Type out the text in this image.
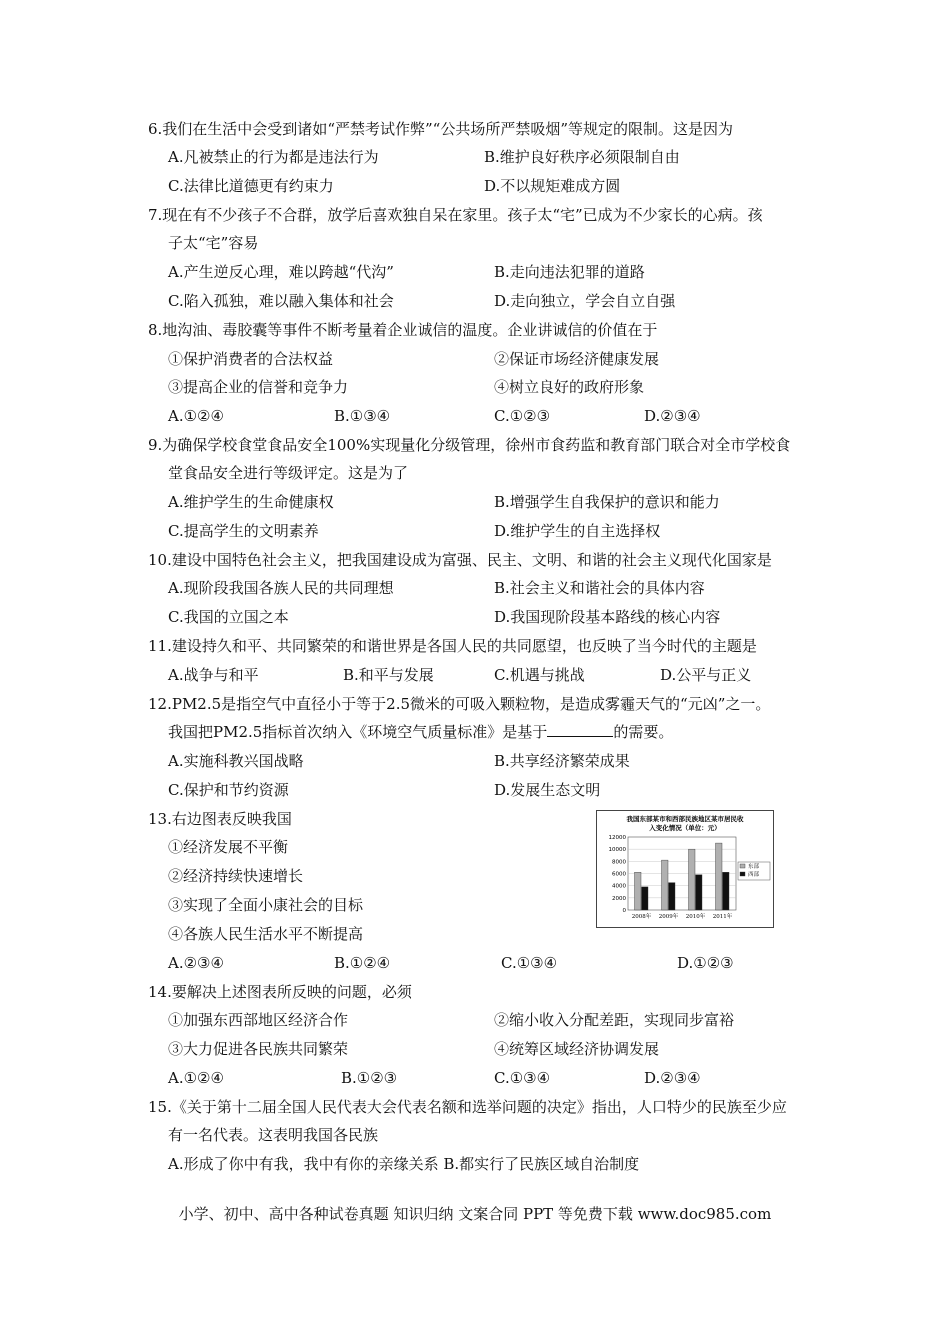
6.我们在生活中会受到诸如“严禁考试作弊”“公共场所严禁吸烟”等规定的限制。这是因为
A.凡被禁止的行为都是违法行为	B.维护良好秩序必须限制自由
C.法律比道德更有约束力	D.不以规矩难成方圆
7.现在有不少孩子不合群，放学后喜欢独自呆在家里。孩子太“宅”已成为不少家长的心病。孩
子太“宅”容易
A.产生逆反心理，难以跨越“代沟”	B.走向违法犯罪的道路
C.陷入孤独，难以融入集体和社会	D.走向独立，学会自立自强
8.地沟油、毒胶囊等事件不断考量着企业诚信的温度。企业讲诚信的价值在于
①保护消费者的合法权益	②保证市场经济健康发展
③提高企业的信誉和竞争力	④树立良好的政府形象
A.①②④	B.①③④	C.①②③	D.②③④
9.为确保学校食堂食品安全100%实现量化分级管理，徐州市食药监和教育部门联合对全市学校食
堂食品安全进行等级评定。这是为了
A.维护学生的生命健康权	B.增强学生自我保护的意识和能力
C.提高学生的文明素养	D.维护学生的自主选择权
10.建设中国特色社会主义，把我国建设成为富强、民主、文明、和谐的社会主义现代化国家是
A.现阶段我国各族人民的共同理想	B.社会主义和谐社会的具体内容
C.我国的立国之本	D.我国现阶段基本路线的核心内容
11.建设持久和平、共同繁荣的和谐世界是各国人民的共同愿望，也反映了当今时代的主题是
A.战争与和平	B.和平与发展	C.机遇与挑战	D.公平与正义
12.PM2.5是指空气中直径小于等于2.5微米的可吸入颗粒物，是造成雾霾天气的“元凶”之一。
我国把PM2.5指标首次纳入《环境空气质量标准》是基于	的需要。
A.实施科教兴国战略	B.共享经济繁荣成果
C.保护和节约资源	D.发展生态文明
13.右边图表反映我国
①经济发展不平衡
②经济持续快速增长
③实现了全面小康社会的目标
④各族人民生活水平不断提高
A.②③④	B.①②④	C.①③④	D.①②③
我国东部某市和西部民族地区某市居民收
入变化情况（单位：元）
12000
10000
8000
6000
4000
2000
0
2008年 2009年 2010年 2011年
东部
西部
14.要解决上述图表所反映的问题，必须
①加强东西部地区经济合作	②缩小收入分配差距，实现同步富裕
③大力促进各民族共同繁荣	④统筹区域经济协调发展
A.①②④	B.①②③	C.①③④	D.②③④
15.《关于第十二届全国人民代表大会代表名额和选举问题的决定》指出，人口特少的民族至少应
有一名代表。这表明我国各民族
A.形成了你中有我，我中有你的亲缘关系 B.都实行了民族区域自治制度
小学、初中、高中各种试卷真题 知识归纳 文案合同 PPT 等免费下载 www.doc985.com
